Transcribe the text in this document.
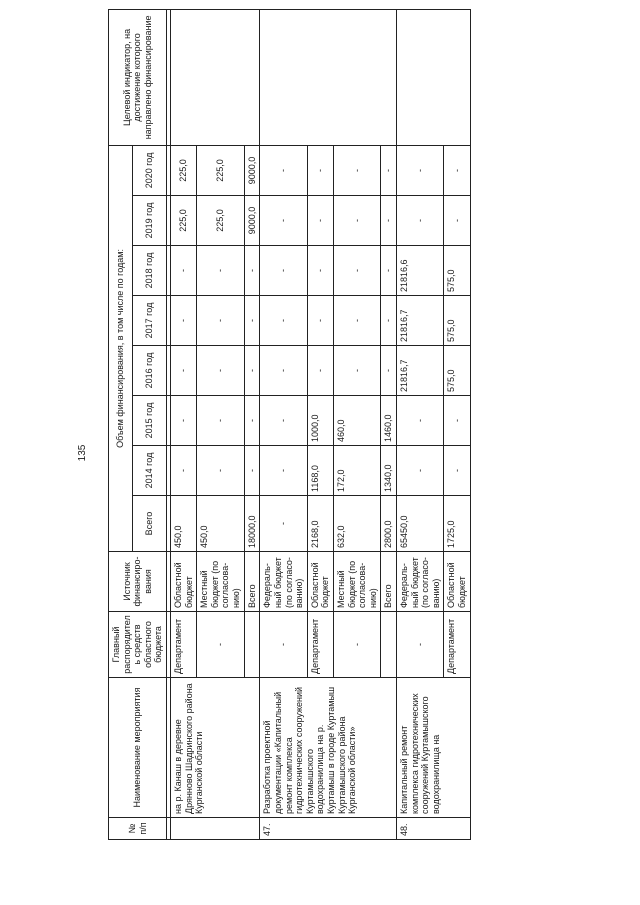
135
№ п/п	Наименование мероприятия	Главный распорядитель средств областного бюджета	Источник финансиро- вания	Объем финансирования, в том числе по годам:								Целевой индикатор, на достижение которого направлено финансирование
				Всего	2014 год	2015 год	2016 год	2017 год	2018 год	2019 год	2020 год	

	на р. Канаш в деревне Дрянново Шадринского района Курганской области	Департамент	Областной бюджет	450,0	-	-	-	-	-	225,0	225,0	
		-	Местный бюджет (по согласова- нию)	450,0	-	-	-	-	-	225,0	225,0	
			Всего	18000,0	-	-	-	-	-	9000,0	9000,0	
47.	Разработка проектной документации «Капитальный ремонт комплекса гидротехнических сооружений Куртамышского водохранилища на р. Куртамыш в городе Куртамыш Куртамышского района Курганской области»	-	Федераль- ный бюджет (по согласо- ванию)	-	-	-	-	-	-	-	-	
		Департамент	Областной бюджет	2168,0	1168,0	1000,0	-	-	-	-	-	
		-	Местный бюджет (по согласова- нию)	632,0	172,0	460,0	-	-	-	-	-	
			Всего	2800,0	1340,0	1460,0	-	-	-	-	-	
48.	Капитальный ремонт комплекса гидротехнических сооружений Куртамышского водохранилища на	-	Федераль- ный бюджет (по согласо- ванию)	65450,0	-	-	21816,7	21816,7	21816,6	-	-	
		Департамент	Областной бюджет	1725,0	-	-	575,0	575,0	575,0	-	-	
